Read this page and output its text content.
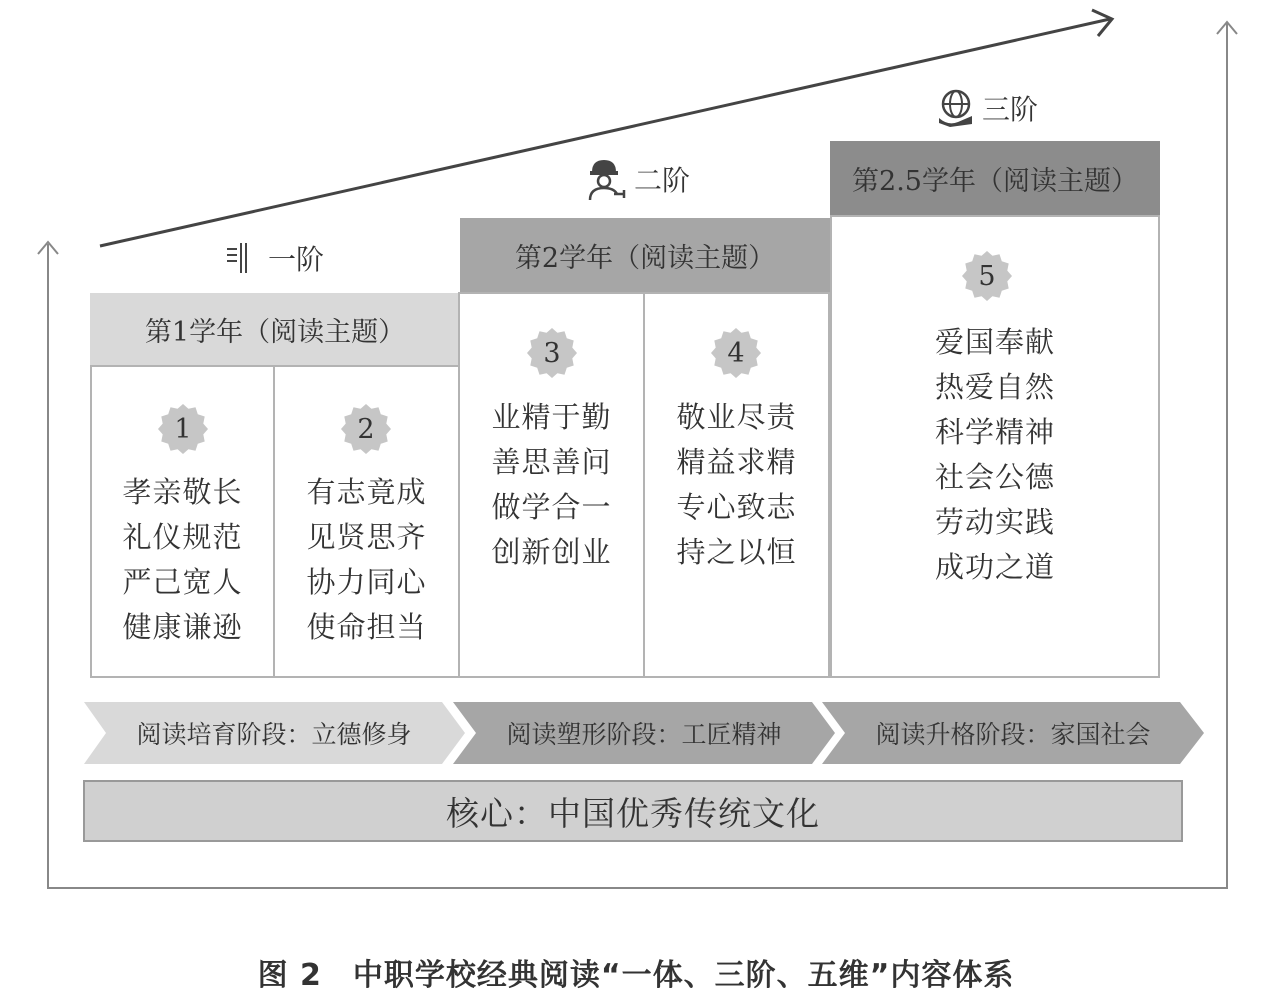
一阶
二阶
三阶
第1学年（阅读主题）
第2学年（阅读主题）
第2.5学年（阅读主题）
1	2
3	4
5
孝亲敬长
礼仪规范
严己宽人
健康谦逊
有志竟成
见贤思齐
协力同心
使命担当
业精于勤
善思善问
做学合一
创新创业
敬业尽责
精益求精
专心致志
持之以恒
爱国奉献
热爱自然
科学精神
社会公德
劳动实践
成功之道
阅读培育阶段：立德修身	阅读塑形阶段：工匠精神	阅读升格阶段：家国社会
核心：中国优秀传统文化
图 2　中职学校经典阅读“一体、三阶、五维”内容体系
